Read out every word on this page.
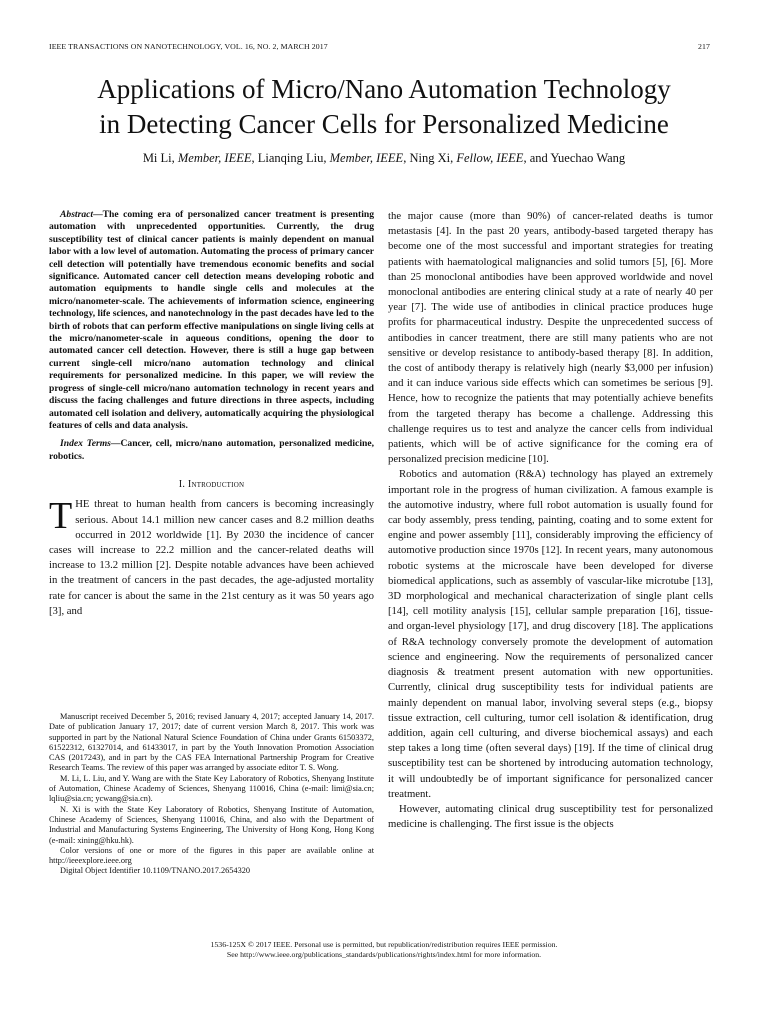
IEEE TRANSACTIONS ON NANOTECHNOLOGY, VOL. 16, NO. 2, MARCH 2017	217
Applications of Micro/Nano Automation Technology
in Detecting Cancer Cells for Personalized Medicine
Mi Li, Member, IEEE, Lianqing Liu, Member, IEEE, Ning Xi, Fellow, IEEE, and Yuechao Wang

Abstract—The coming era of personalized cancer treatment is presenting automation with unprecedented opportunities. Currently, the drug susceptibility test of clinical cancer patients is mainly dependent on manual labor with a low level of automation. Automating the process of primary cancer cell detection will potentially have tremendous economic benefits and social significance. Automated cancer cell detection means developing robotic and automation equipments to handle single cells and molecules at the micro/nanometer-scale. The achievements of information science, engineering technology, life sciences, and nanotechnology in the past decades have led to the birth of robots that can perform effective manipulations on single living cells at the micro/nanometer-scale in aqueous conditions, opening the door to automated cancer cell detection. However, there is still a huge gap between current single-cell micro/nano automation technology and clinical requirements for personalized medicine. In this paper, we will review the progress of single-cell micro/nano automation technology in recent years and discuss the facing challenges and future directions in three aspects, including automated cell isolation and delivery, automatically acquiring the physiological features of cells and data analysis.

Index Terms—Cancer, cell, micro/nano automation, personalized medicine, robotics.

I. Introduction

THE threat to human health from cancers is becoming increasingly serious. About 14.1 million new cancer cases and 8.2 million deaths occurred in 2012 worldwide [1]. By 2030 the incidence of cancer cases will increase to 22.2 million and the cancer-related deaths will increase to 13.2 million [2]. Despite notable advances have been achieved in the treatment of cancers in the past decades, the age-adjusted mortality rate for cancer is about the same in the 21st century as it was 50 years ago [3], and

Manuscript received December 5, 2016; revised January 4, 2017; accepted January 14, 2017. Date of publication January 17, 2017; date of current version March 8, 2017. This work was supported in part by the National Natural Science Foundation of China under Grants 61503372, 61522312, 61327014, and 61433017, in part by the Youth Innovation Promotion Association CAS (2017243), and in part by the CAS FEA International Partnership Program for Creative Research Teams. The review of this paper was arranged by associate editor T. S. Wong.

M. Li, L. Liu, and Y. Wang are with the State Key Laboratory of Robotics, Shenyang Institute of Automation, Chinese Academy of Sciences, Shenyang 110016, China (e-mail: limi@sia.cn; lqliu@sia.cn; ycwang@sia.cn).

N. Xi is with the State Key Laboratory of Robotics, Shenyang Institute of Automation, Chinese Academy of Sciences, Shenyang 110016, China, and also with the Department of Industrial and Manufacturing Systems Engineering, The University of Hong Kong, Hong Kong (e-mail: xining@hku.hk).

Color versions of one or more of the figures in this paper are available online at http://ieeexplore.ieee.org

Digital Object Identifier 10.1109/TNANO.2017.2654320

the major cause (more than 90%) of cancer-related deaths is tumor metastasis [4]. In the past 20 years, antibody-based targeted therapy has become one of the most successful and important strategies for treating patients with haematological malignancies and solid tumors [5], [6]. More than 25 monoclonal antibodies have been approved worldwide and novel monoclonal antibodies are entering clinical study at a rate of nearly 40 per year [7]. The wide use of antibodies in clinical practice produces huge profits for pharmaceutical industry. Despite the unprecedented success of antibodies in cancer treatment, there are still many patients who are not sensitive or develop resistance to antibody-based therapy [8]. In addition, the cost of antibody therapy is relatively high (nearly $3,000 per infusion) and it can induce various side effects which can sometimes be serious [9]. Hence, how to recognize the patients that may potentially achieve benefits from the targeted therapy has become a challenge. Addressing this challenge requires us to test and analyze the cancer cells from individual patients, which will be of active significance for the coming era of personalized precision medicine [10].

Robotics and automation (R&A) technology has played an extremely important role in the progress of human civilization. A famous example is the automotive industry, where full robot automation is usually found for car body assembly, press tending, painting, coating and to some extent for engine and power assembly [11], considerably improving the efficiency of automotive production since 1970s [12]. In recent years, many autonomous robotic systems at the microscale have been developed for diverse biomedical applications, such as assembly of vascular-like microtube [13], 3D morphological and mechanical characterization of single plant cells [14], cell motility analysis [15], cellular sample preparation [16], tissue- and organ-level physiology [17], and drug discovery [18]. The applications of R&A technology conversely promote the development of automation science and engineering. Now the requirements of personalized cancer diagnosis & treatment present automation with new opportunities. Currently, clinical drug susceptibility tests for individual patients are mainly dependent on manual labor, involving several steps (e.g., biopsy tissue extraction, cell culturing, tumor cell isolation & identification, drug addition, again cell culturing, and diverse biochemical assays) and each step takes a long time (often several days) [19]. If the time of clinical drug susceptibility test can be shortened by introducing automation technology, it will undoubtedly be of important significance for personalized cancer treatment.

However, automating clinical drug susceptibility test for personalized medicine is challenging. The first issue is the objects

1536-125X © 2017 IEEE. Personal use is permitted, but republication/redistribution requires IEEE permission.
See http://www.ieee.org/publications_standards/publications/rights/index.html for more information.
